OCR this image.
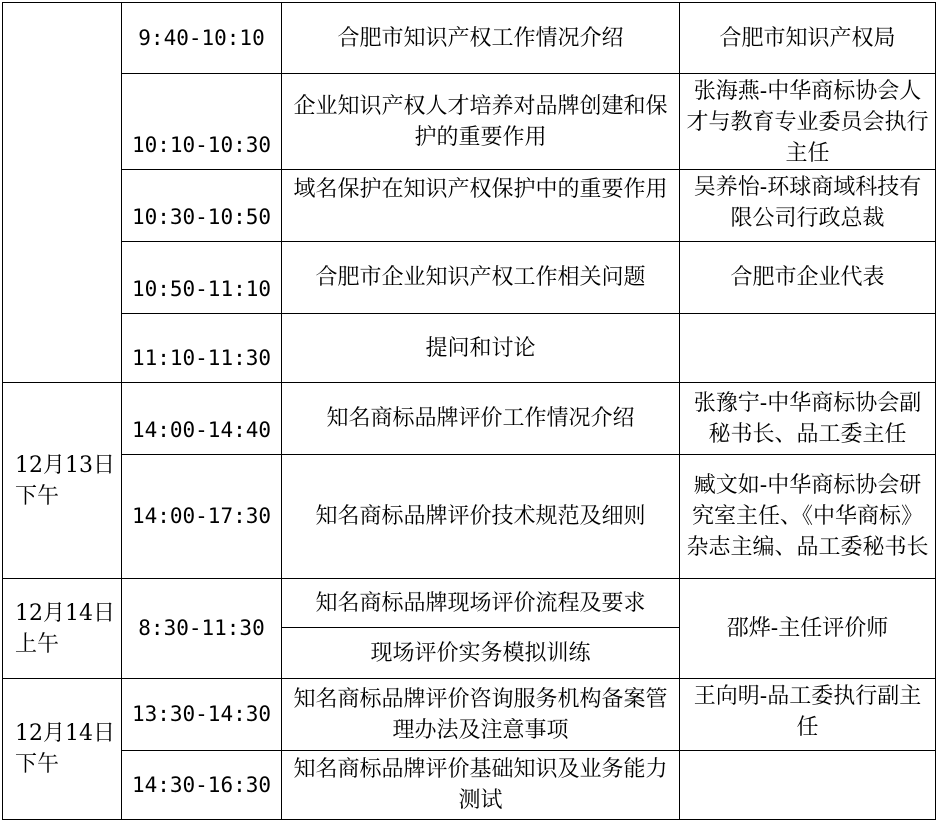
	9:40-10:10	合肥市知识产权工作情况介绍	合肥市知识产权局
	10:10-10:30	企业知识产权人才培养对品牌创建和保护的重要作用	张海燕-中华商标协会人才与教育专业委员会执行主任
	10:30-10:50	域名保护在知识产权保护中的重要作用	吴养怡-环球商域科技有限公司行政总裁
	10:50-11:10	合肥市企业知识产权工作相关问题	合肥市企业代表
	11:10-11:30	提问和讨论	
12月13日下午	14:00-14:40	知名商标品牌评价工作情况介绍	张豫宁-中华商标协会副秘书长、品工委主任
	14:00-17:30	知名商标品牌评价技术规范及细则	臧文如-中华商标协会研究室主任、《中华商标》杂志主编、品工委秘书长
12月14日上午	8:30-11:30	知名商标品牌现场评价流程及要求	邵烨-主任评价师
		现场评价实务模拟训练	
12月14日下午	13:30-14:30	知名商标品牌评价咨询服务机构备案管理办法及注意事项	王向明-品工委执行副主任
	14:30-16:30	知名商标品牌评价基础知识及业务能力测试	
